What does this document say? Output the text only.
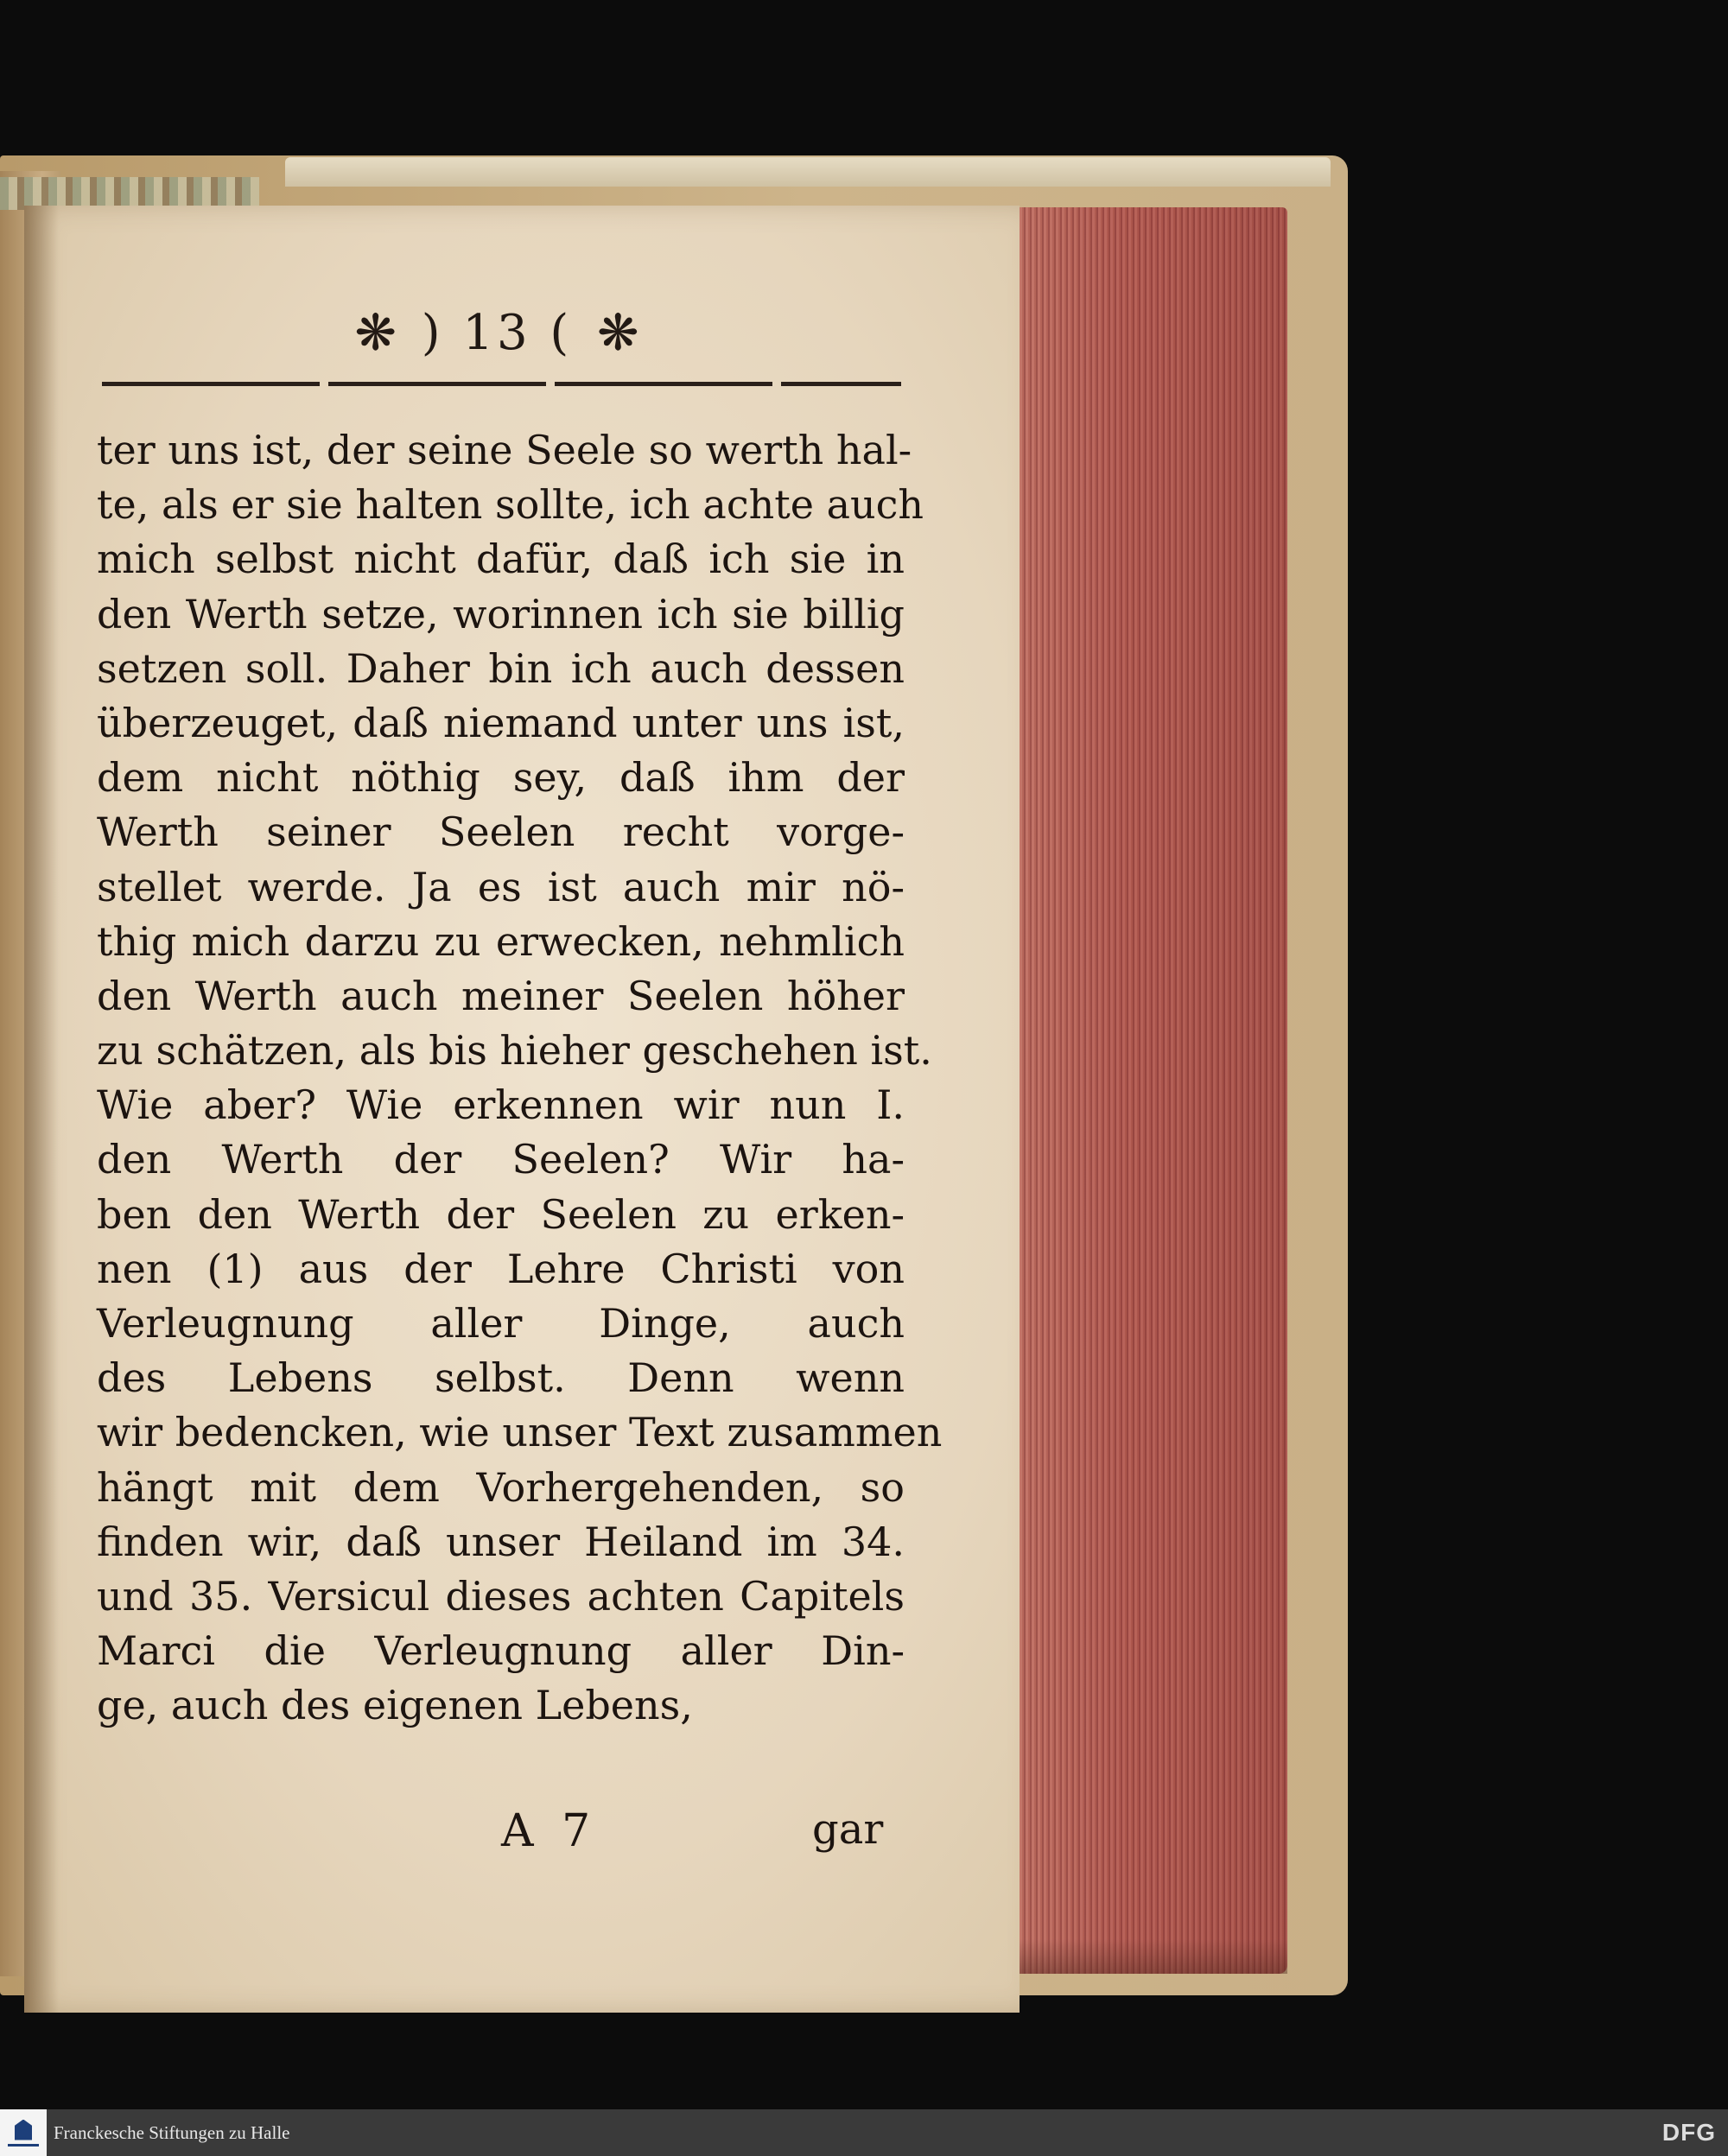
❋ ) 13 ( ❋
ter uns ist, der seine Seele so werth hal-
te, als er sie halten sollte, ich achte auch
mich selbst nicht dafür, daß ich sie in
den Werth setze, worinnen ich sie billig
setzen soll. Daher bin ich auch dessen
überzeuget, daß niemand unter uns ist,
dem nicht nöthig sey, daß ihm der
Werth seiner Seelen recht vorge-
stellet werde. Ja es ist auch mir nö-
thig mich darzu zu erwecken, nehmlich
den Werth auch meiner Seelen höher
zu schätzen, als bis hieher geschehen ist.
Wie aber? Wie erkennen wir nun I.
den Werth der Seelen? Wir ha-
ben den Werth der Seelen zu erken-
nen (1) aus der Lehre Christi von
Verleugnung aller Dinge, auch
des Lebens selbst. Denn wenn
wir bedencken, wie unser Text zusammen
hängt mit dem Vorhergehenden, so
finden wir, daß unser Heiland im 34.
und 35. Versicul dieses achten Capitels
Marci die Verleugnung aller Din-
ge, auch des eigenen Lebens,
A 7	gar
Franckesche Stiftungen zu Halle	DFG
